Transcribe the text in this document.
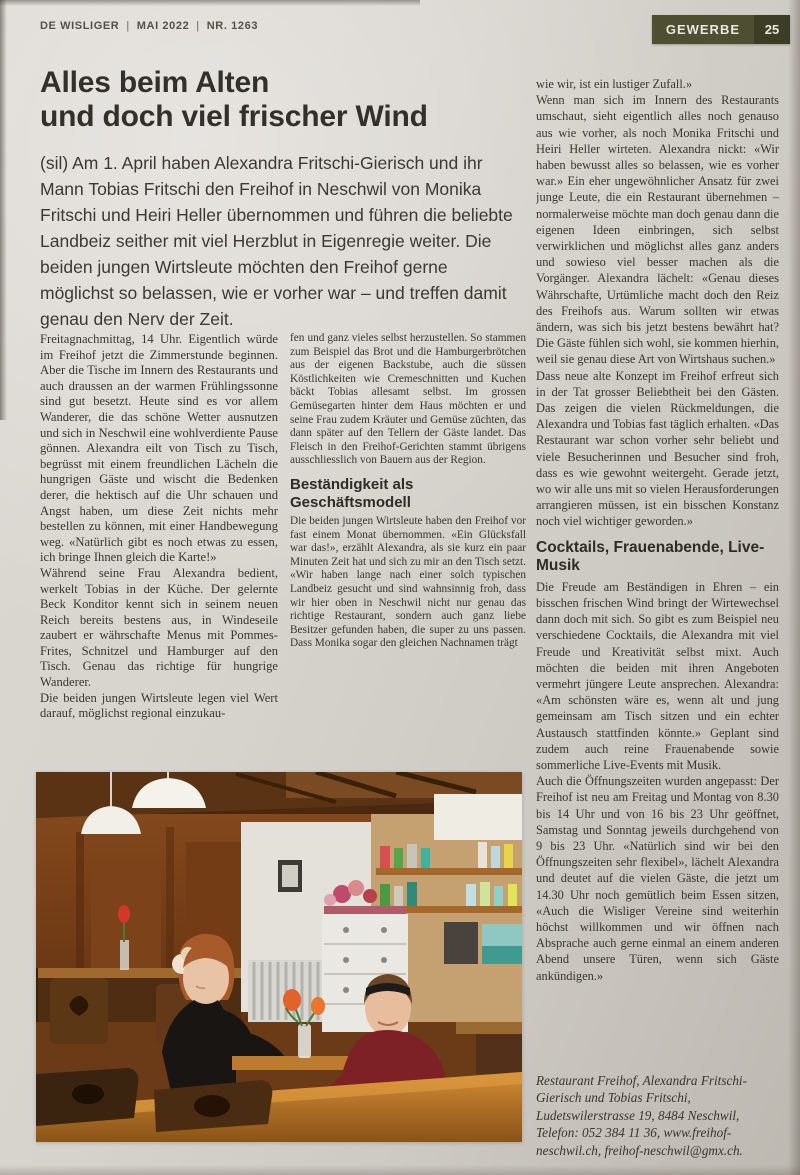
DE WISLIGER | MAI 2022 | NR. 1263	GEWERBE	25
Alles beim Alten
und doch viel frischer Wind
(sil) Am 1. April haben Alexandra Fritschi-Gierisch und ihr Mann Tobias Fritschi den Freihof in Neschwil von Monika Fritschi und Heiri Heller übernommen und führen die beliebte Landbeiz seither mit viel Herzblut in Eigenregie weiter. Die beiden jungen Wirtsleute möchten den Freihof gerne möglichst so belassen, wie er vorher war – und treffen damit genau den Nerv der Zeit.

Freitagnachmittag, 14 Uhr. Eigentlich würde im Freihof jetzt die Zimmerstunde beginnen. Aber die Tische im Innern des Restaurants und auch draussen an der warmen Frühlingssonne sind gut besetzt. Heute sind es vor allem Wanderer, die das schöne Wetter ausnutzen und sich in Neschwil eine wohlverdiente Pause gönnen. Alexandra eilt von Tisch zu Tisch, begrüsst mit einem freundlichen Lächeln die hungrigen Gäste und wischt die Bedenken derer, die hektisch auf die Uhr schauen und Angst haben, um diese Zeit nichts mehr bestellen zu können, mit einer Handbewegung weg. «Natürlich gibt es noch etwas zu essen, ich bringe Ihnen gleich die Karte!»

Während seine Frau Alexandra bedient, werkelt Tobias in der Küche. Der gelernte Beck Konditor kennt sich in seinem neuen Reich bereits bestens aus, in Windeseile zaubert er währschafte Menus mit Pommes-Frites, Schnitzel und Hamburger auf den Tisch. Genau das richtige für hungrige Wanderer.

Die beiden jungen Wirtsleute legen viel Wert darauf, möglichst regional einzukau-

fen und ganz vieles selbst herzustellen. So stammen zum Beispiel das Brot und die Hamburgerbrötchen aus der eigenen Backstube, auch die süssen Köstlichkeiten wie Cremeschnitten und Kuchen bäckt Tobias allesamt selbst. Im grossen Gemüsegarten hinter dem Haus möchten er und seine Frau zudem Kräuter und Gemüse züchten, das dann später auf den Tellern der Gäste landet. Das Fleisch in den Freihof-Gerichten stammt übrigens ausschliesslich von Bauern aus der Region.

Beständigkeit als Geschäftsmodell

Die beiden jungen Wirtsleute haben den Freihof vor fast einem Monat übernommen. «Ein Glücksfall war das!», erzählt Alexandra, als sie kurz ein paar Minuten Zeit hat und sich zu mir an den Tisch setzt. «Wir haben lange nach einer solch typischen Landbeiz gesucht und sind wahnsinnig froh, dass wir hier oben in Neschwil nicht nur genau das richtige Restaurant, sondern auch ganz liebe Besitzer gefunden haben, die super zu uns passen. Dass Monika sogar den gleichen Nachnamen trägt

wie wir, ist ein lustiger Zufall.»

Wenn man sich im Innern des Restaurants umschaut, sieht eigentlich alles noch genauso aus wie vorher, als noch Monika Fritschi und Heiri Heller wirteten. Alexandra nickt: «Wir haben bewusst alles so belassen, wie es vorher war.» Ein eher ungewöhnlicher Ansatz für zwei junge Leute, die ein Restaurant übernehmen – normalerweise möchte man doch genau dann die eigenen Ideen einbringen, sich selbst verwirklichen und möglichst alles ganz anders und sowieso viel besser machen als die Vorgänger. Alexandra lächelt: «Genau dieses Währschafte, Urtümliche macht doch den Reiz des Freihofs aus. Warum sollten wir etwas ändern, was sich bis jetzt bestens bewährt hat? Die Gäste fühlen sich wohl, sie kommen hierhin, weil sie genau diese Art von Wirtshaus suchen.»

Dass neue alte Konzept im Freihof erfreut sich in der Tat grosser Beliebtheit bei den Gästen. Das zeigen die vielen Rückmeldungen, die Alexandra und Tobias fast täglich erhalten. «Das Restaurant war schon vorher sehr beliebt und viele Besucherinnen und Besucher sind froh, dass es wie gewohnt weitergeht. Gerade jetzt, wo wir alle uns mit so vielen Herausforderungen arrangieren müssen, ist ein bisschen Konstanz noch viel wichtiger geworden.»

Cocktails, Frauenabende, Live-Musik

Die Freude am Beständigen in Ehren – ein bisschen frischen Wind bringt der Wirtewechsel dann doch mit sich. So gibt es zum Beispiel neu verschiedene Cocktails, die Alexandra mit viel Freude und Kreativität selbst mixt. Auch möchten die beiden mit ihren Angeboten vermehrt jüngere Leute ansprechen. Alexandra: «Am schönsten wäre es, wenn alt und jung gemeinsam am Tisch sitzen und ein echter Austausch stattfinden könnte.» Geplant sind zudem auch reine Frauenabende sowie sommerliche Live-Events mit Musik.

Auch die Öffnungszeiten wurden angepasst: Der Freihof ist neu am Freitag und Montag von 8.30 bis 14 Uhr und von 16 bis 23 Uhr geöffnet, Samstag und Sonntag jeweils durchgehend von 9 bis 23 Uhr. «Natürlich sind wir bei den Öffnungszeiten sehr flexibel», lächelt Alexandra und deutet auf die vielen Gäste, die jetzt um 14.30 Uhr noch gemütlich beim Essen sitzen, «Auch die Wisliger Vereine sind weiterhin höchst willkommen und wir öffnen nach Absprache auch gerne einmal an einem anderen Abend unsere Türen, wenn sich Gäste ankündigen.»

Restaurant Freihof, Alexandra Fritschi-Gierisch und Tobias Fritschi, Ludetswilerstrasse 19, 8484 Neschwil, Telefon: 052 384 11 36, www.freihof-neschwil.ch, freihof-neschwil@gmx.ch.
